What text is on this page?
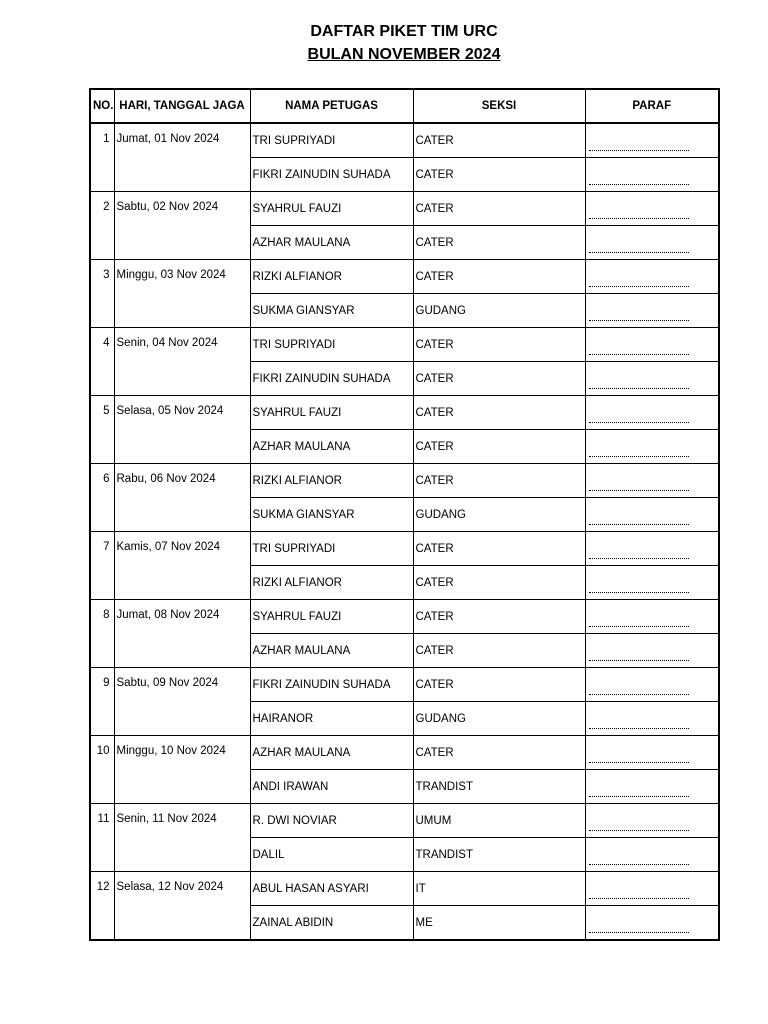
DAFTAR PIKET TIM URC
BULAN NOVEMBER 2024
NO.	HARI, TANGGAL JAGA	NAMA PETUGAS	SEKSI	PARAF
1	Jumat, 01 Nov 2024	TRI SUPRIYADI	CATER	

		FIKRI ZAINUDIN SUHADA	CATER	

2	Sabtu, 02 Nov 2024	SYAHRUL FAUZI	CATER	

		AZHAR MAULANA	CATER	

3	Minggu, 03 Nov 2024	RIZKI ALFIANOR	CATER	

		SUKMA GIANSYAR	GUDANG	

4	Senin, 04 Nov 2024	TRI SUPRIYADI	CATER	

		FIKRI ZAINUDIN SUHADA	CATER	

5	Selasa, 05 Nov 2024	SYAHRUL FAUZI	CATER	

		AZHAR MAULANA	CATER	

6	Rabu, 06 Nov 2024	RIZKI ALFIANOR	CATER	

		SUKMA GIANSYAR	GUDANG	

7	Kamis, 07 Nov 2024	TRI SUPRIYADI	CATER	

		RIZKI ALFIANOR	CATER	

8	Jumat, 08 Nov 2024	SYAHRUL FAUZI	CATER	

		AZHAR MAULANA	CATER	

9	Sabtu, 09 Nov 2024	FIKRI ZAINUDIN SUHADA	CATER	

		HAIRANOR	GUDANG	

10	Minggu, 10 Nov 2024	AZHAR MAULANA	CATER	

		ANDI IRAWAN	TRANDIST	

11	Senin, 11 Nov 2024	R. DWI NOVIAR	UMUM	

		DALIL	TRANDIST	

12	Selasa, 12 Nov 2024	ABUL HASAN ASYARI	IT	

		ZAINAL ABIDIN	ME	
